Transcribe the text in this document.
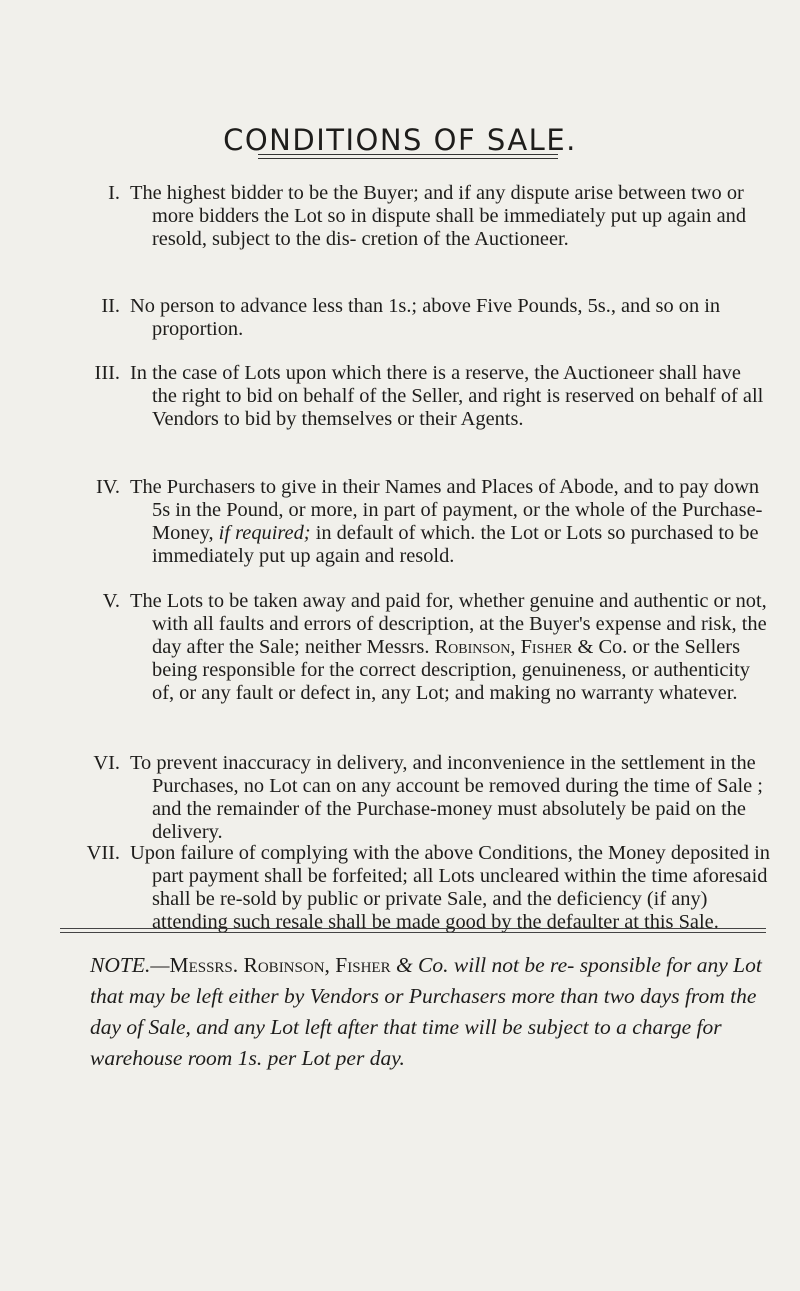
CONDITIONS OF SALE.
I. The highest bidder to be the Buyer; and if any dispute arise between two or more bidders the Lot so in dispute shall be immediately put up again and resold, subject to the dis- cretion of the Auctioneer.
II. No person to advance less than 1s.; above Five Pounds, 5s., and so on in proportion.
III. In the case of Lots upon which there is a reserve, the Auctioneer shall have the right to bid on behalf of the Seller, and right is reserved on behalf of all Vendors to bid by themselves or their Agents.
IV. The Purchasers to give in their Names and Places of Abode, and to pay down 5s in the Pound, or more, in part of payment, or the whole of the Purchase-Money, if required; in default of which. the Lot or Lots so purchased to be immediately put up again and resold.
V. The Lots to be taken away and paid for, whether genuine and authentic or not, with all faults and errors of description, at the Buyer's expense and risk, the day after the Sale; neither Messrs. Robinson, Fisher & Co. or the Sellers being responsible for the correct description, genuineness, or authenticity of, or any fault or defect in, any Lot; and making no warranty whatever.
VI. To prevent inaccuracy in delivery, and inconvenience in the settlement in the Purchases, no Lot can on any account be removed during the time of Sale ; and the remainder of the Purchase-money must absolutely be paid on the delivery.
VII. Upon failure of complying with the above Conditions, the Money deposited in part payment shall be forfeited; all Lots uncleared within the time aforesaid shall be re-sold by public or private Sale, and the deficiency (if any) attending such resale shall be made good by the defaulter at this Sale.
NOTE.—Messrs. Robinson, Fisher & Co. will not be re- sponsible for any Lot that may be left either by Vendors or Purchasers more than two days from the day of Sale, and any Lot left after that time will be subject to a charge for warehouse room 1s. per Lot per day.
